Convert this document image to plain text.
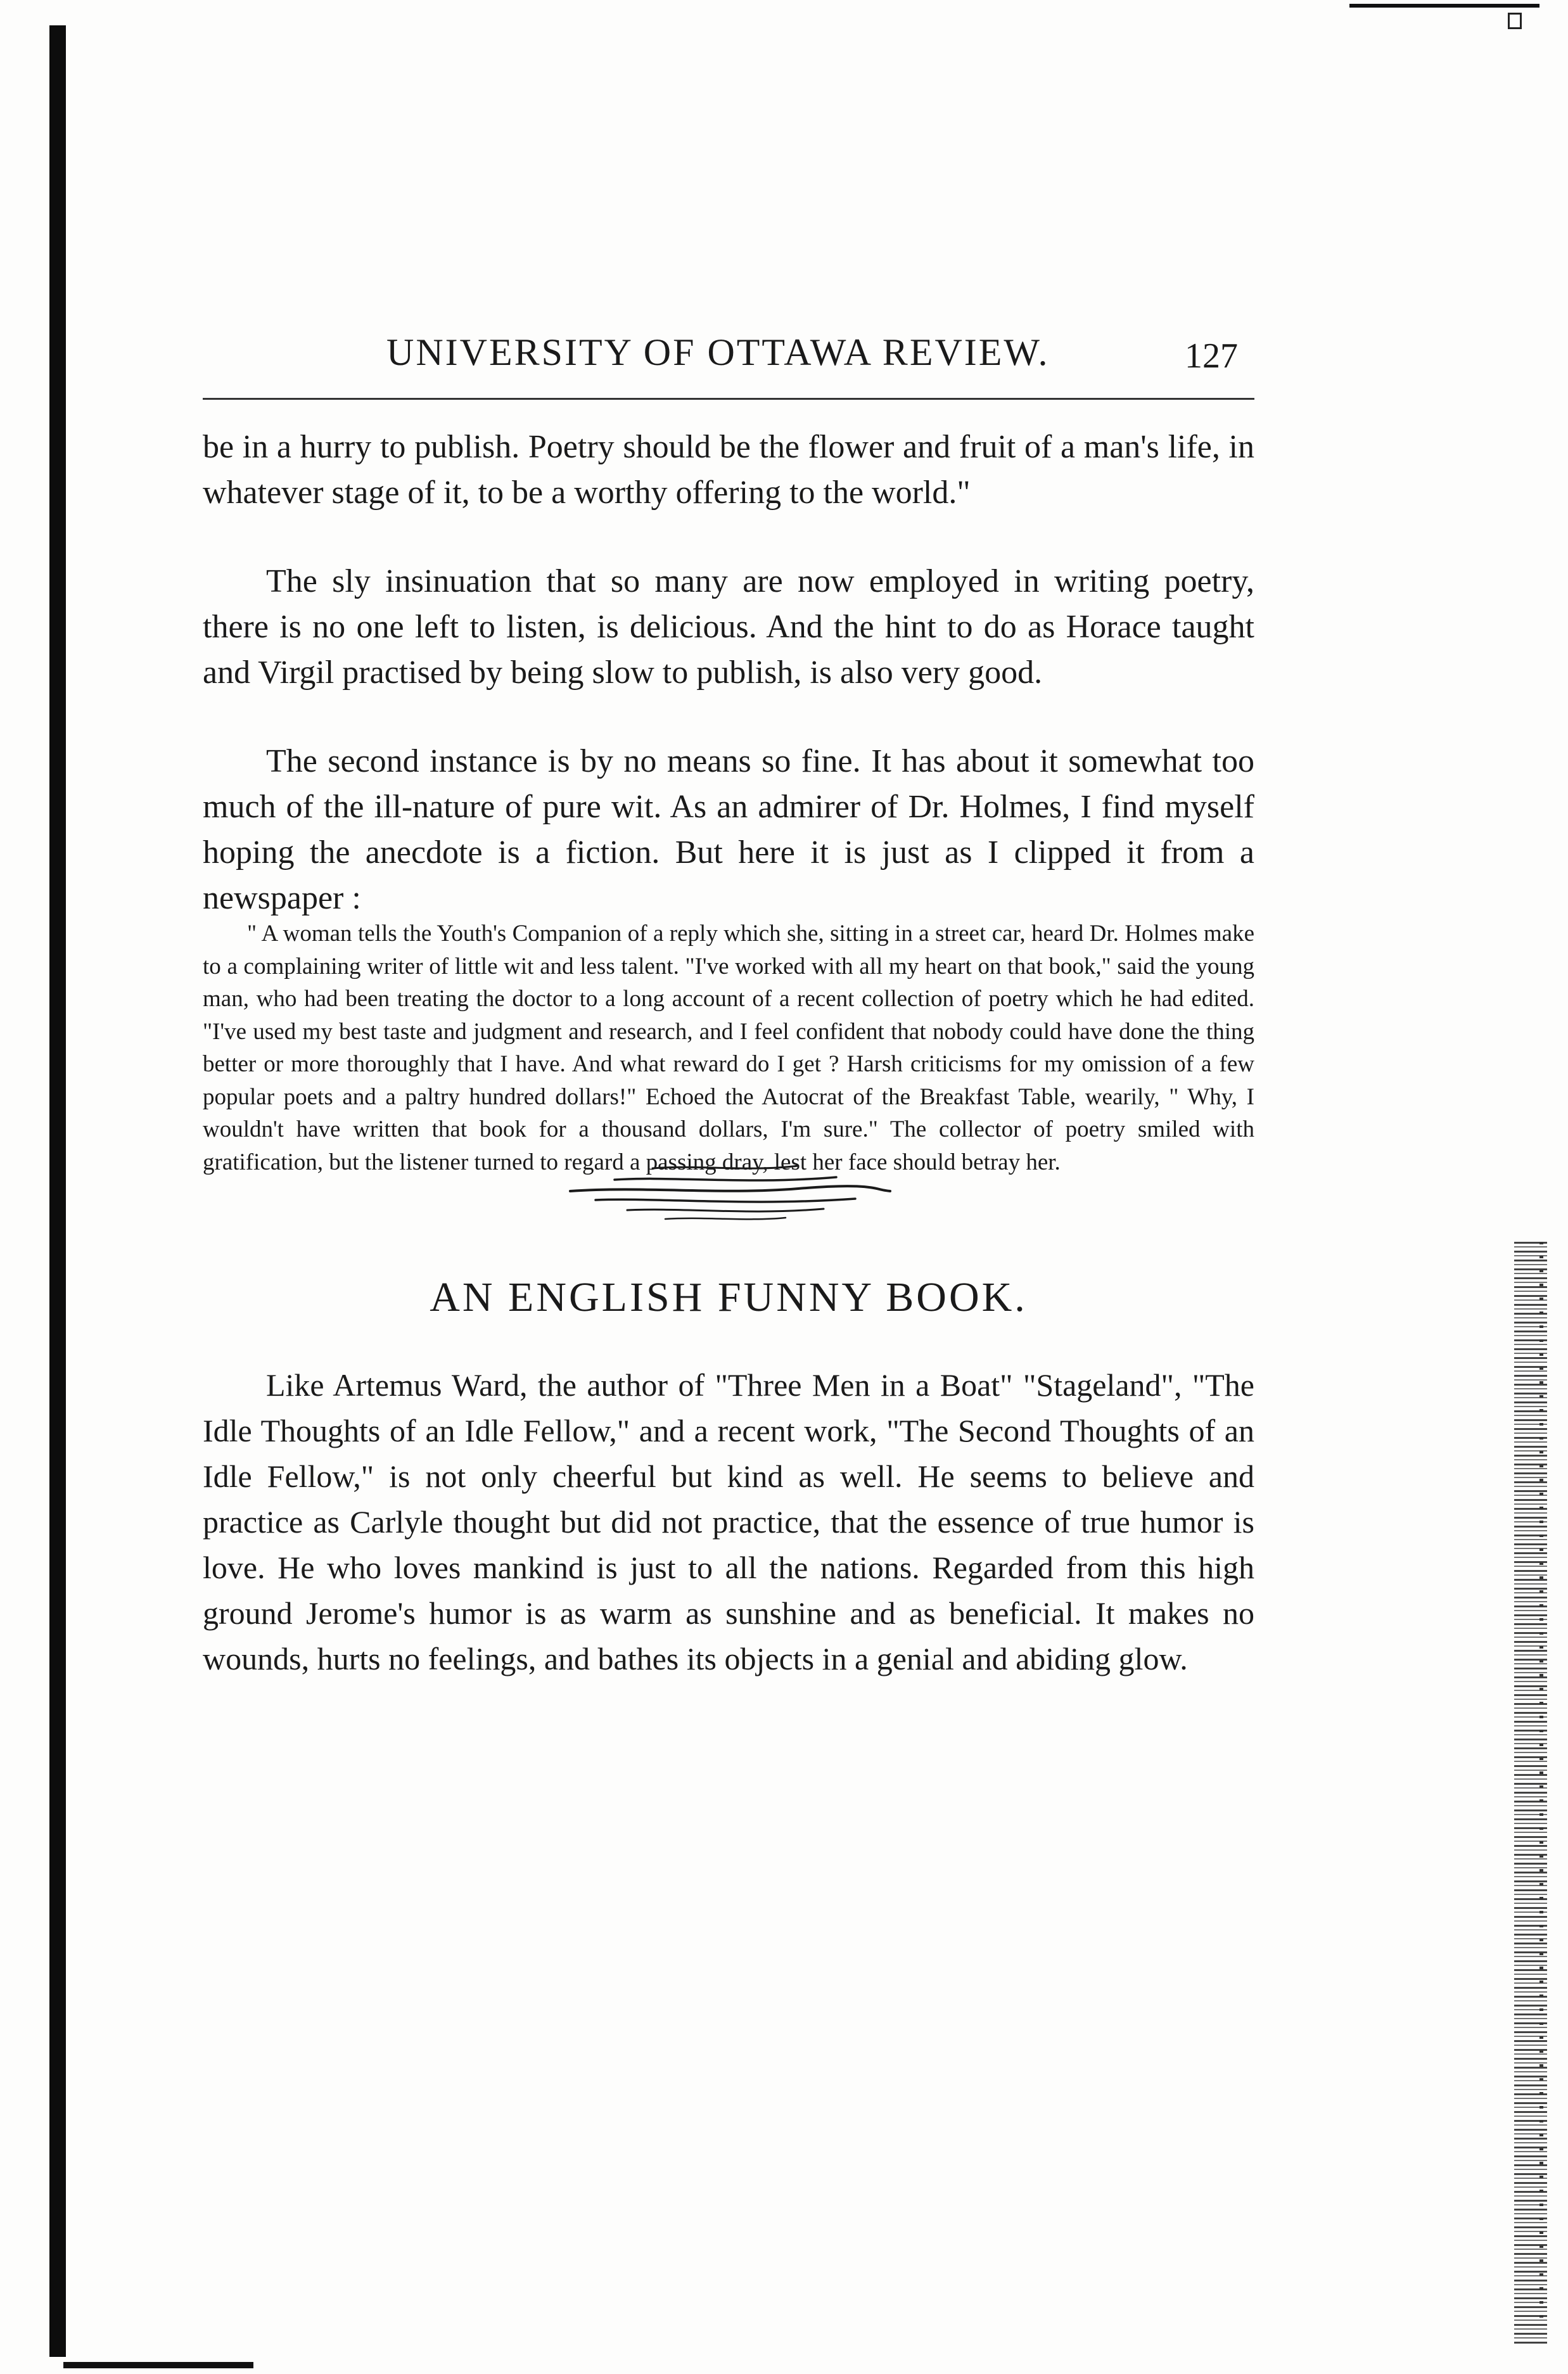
UNIVERSITY OF OTTAWA REVIEW.	127

be in a hurry to publish. Poetry should be the flower and fruit of a man's life, in whatever stage of it, to be a worthy offering to the world."

The sly insinuation that so many are now employed in writing poetry, there is no one left to listen, is delicious. And the hint to do as Horace taught and Virgil practised by being slow to publish, is also very good.

The second instance is by no means so fine. It has about it somewhat too much of the ill-nature of pure wit. As an admirer of Dr. Holmes, I find myself hoping the anecdote is a fiction. But here it is just as I clipped it from a newspaper :

" A woman tells the Youth's Companion of a reply which she, sitting in a street car, heard Dr. Holmes make to a complaining writer of little wit and less talent. "I've worked with all my heart on that book," said the young man, who had been treating the doctor to a long account of a recent collection of poetry which he had edited. "I've used my best taste and judgment and research, and I feel confident that nobody could have done the thing better or more thoroughly that I have. And what reward do I get ? Harsh criticisms for my omission of a few popular poets and a paltry hundred dollars!" Echoed the Autocrat of the Breakfast Table, wearily, " Why, I wouldn't have written that book for a thousand dollars, I'm sure." The collector of poetry smiled with gratification, but the listener turned to regard a passing dray, lest her face should betray her.

AN ENGLISH FUNNY BOOK.

Like Artemus Ward, the author of "Three Men in a Boat" "Stageland", "The Idle Thoughts of an Idle Fellow," and a recent work, "The Second Thoughts of an Idle Fellow," is not only cheerful but kind as well. He seems to believe and practice as Carlyle thought but did not practice, that the essence of true humor is love. He who loves mankind is just to all the nations. Regarded from this high ground Jerome's humor is as warm as sunshine and as beneficial. It makes no wounds, hurts no feelings, and bathes its objects in a genial and abiding glow.
